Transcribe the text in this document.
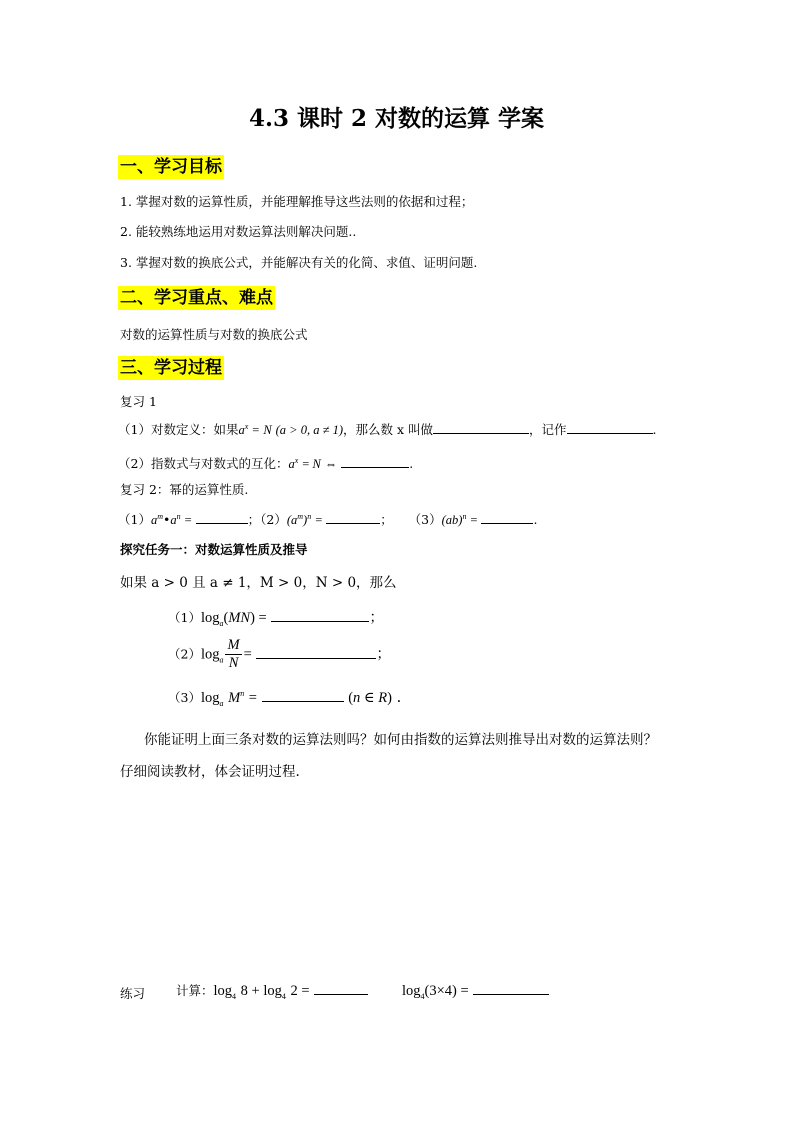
4.3 课时 2 对数的运算 学案
一、学习目标
1. 掌握对数的运算性质，并能理解推导这些法则的依据和过程；
2. 能较熟练地运用对数运算法则解决问题..
3. 掌握对数的换底公式，并能解决有关的化简、求值、证明问题.
二、学习重点、难点
对数的运算性质与对数的换底公式
三、学习过程
复习 1
（1）对数定义：如果$a^x = N$ (a > 0, a ≠ 1)，那么数 x 叫做	，记作	.
（2）指数式与对数式的互化：$a^x = N$ ⇔	.
复习 2：幂的运算性质.
$(1)a^m•a^n$ =	；$(2)(a^m)^n$ =	；    （3）(ab)$^n$ =	.
探究任务一：对数运算性质及推导
如果 a > 0 且 a ≠ 1，M > 0，N > 0，那么
$(1)\log_a(MN)$ =	；
$(2)\log_a \frac{M}{N}$ =	；
$(3)\log_a$ $M^n$ =	(n ∈ R) .
你能证明上面三条对数的运算法则吗？如何由指数的运算法则推导出对数的运算法则？
仔细阅读教材，体会证明过程.
练习 计算：$\log_4 8 + \log_4 2$ =	$\log_4(3\times 4)$ =
